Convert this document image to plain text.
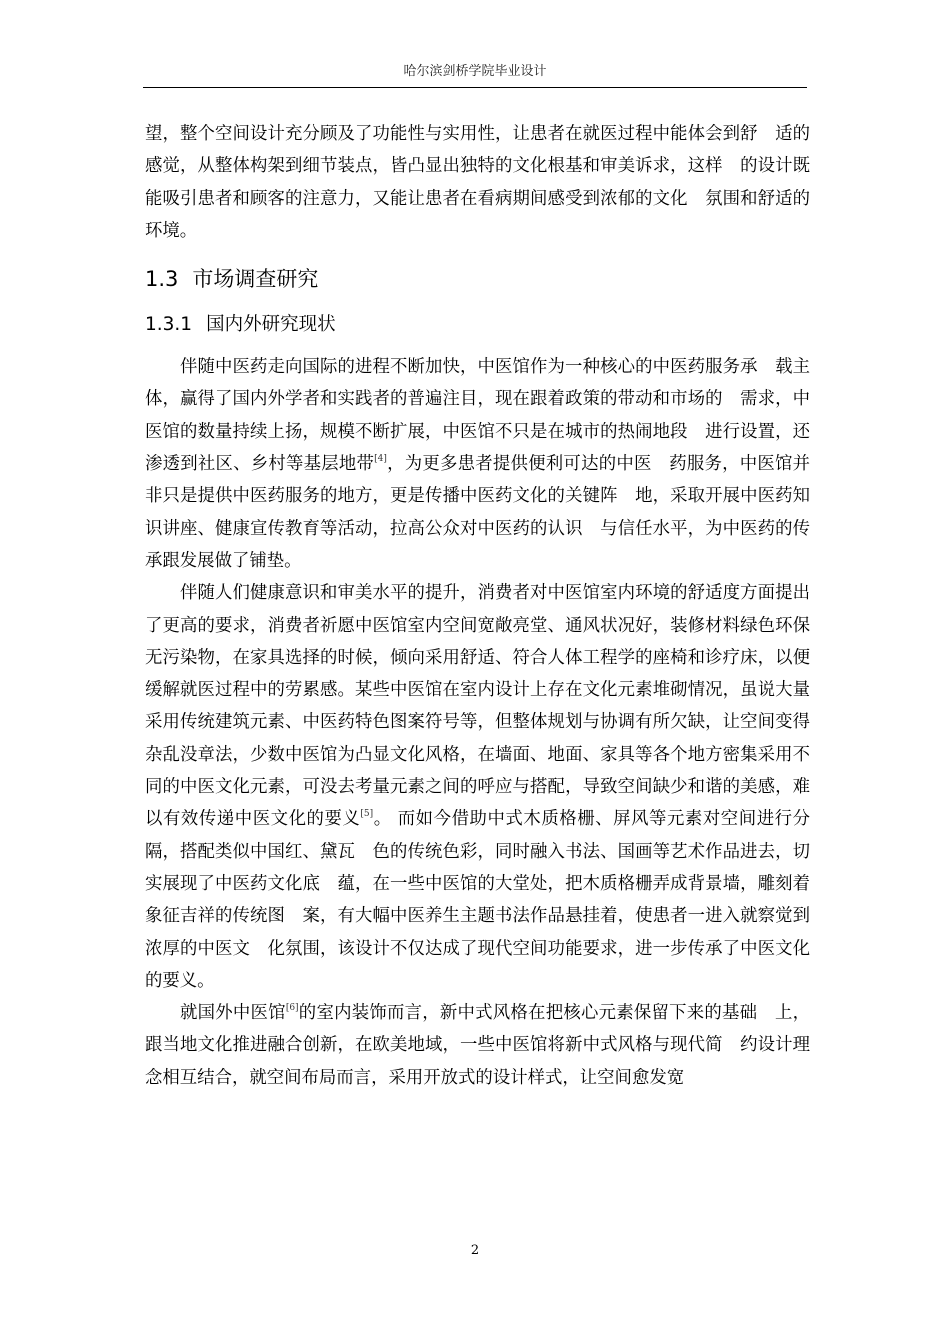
哈尔滨剑桥学院毕业设计

望，整个空间设计充分顾及了功能性与实用性，让患者在就医过程中能体会到舒　适的感觉，从整体构架到细节装点，皆凸显出独特的文化根基和审美诉求，这样　的设计既能吸引患者和顾客的注意力，又能让患者在看病期间感受到浓郁的文化　氛围和舒适的环境。

1.3 市场调查研究
1.3.1 国内外研究现状

伴随中医药走向国际的进程不断加快，中医馆作为一种核心的中医药服务承　载主体，赢得了国内外学者和实践者的普遍注目，现在跟着政策的带动和市场的　需求，中医馆的数量持续上扬，规模不断扩展，中医馆不只是在城市的热闹地段　进行设置，还渗透到社区、乡村等基层地带[4]，为更多患者提供便利可达的中医　药服务，中医馆并非只是提供中医药服务的地方，更是传播中医药文化的关键阵　地，采取开展中医药知识讲座、健康宣传教育等活动，拉高公众对中医药的认识　与信任水平，为中医药的传承跟发展做了铺垫。

伴随人们健康意识和审美水平的提升，消费者对中医馆室内环境的舒适度方面提出了更高的要求，消费者祈愿中医馆室内空间宽敞亮堂、通风状况好，装修材料绿色环保无污染物，在家具选择的时候，倾向采用舒适、符合人体工程学的座椅和诊疗床，以便缓解就医过程中的劳累感。某些中医馆在室内设计上存在文化元素堆砌情况，虽说大量采用传统建筑元素、中医药特色图案符号等，但整体规划与协调有所欠缺，让空间变得杂乱没章法，少数中医馆为凸显文化风格，在墙面、地面、家具等各个地方密集采用不同的中医文化元素，可没去考量元素之间的呼应与搭配，导致空间缺少和谐的美感，难以有效传递中医文化的要义[5]。 而如今借助中式木质格栅、屏风等元素对空间进行分隔，搭配类似中国红、黛瓦　色的传统色彩，同时融入书法、国画等艺术作品进去，切实展现了中医药文化底　蕴，在一些中医馆的大堂处，把木质格栅弄成背景墙，雕刻着象征吉祥的传统图　案，有大幅中医养生主题书法作品悬挂着，使患者一进入就察觉到浓厚的中医文　化氛围，该设计不仅达成了现代空间功能要求，进一步传承了中医文化的要义。

就国外中医馆[6]的室内装饰而言，新中式风格在把核心元素保留下来的基础　上，跟当地文化推进融合创新，在欧美地域，一些中医馆将新中式风格与现代简　约设计理念相互结合，就空间布局而言，采用开放式的设计样式，让空间愈发宽

2
